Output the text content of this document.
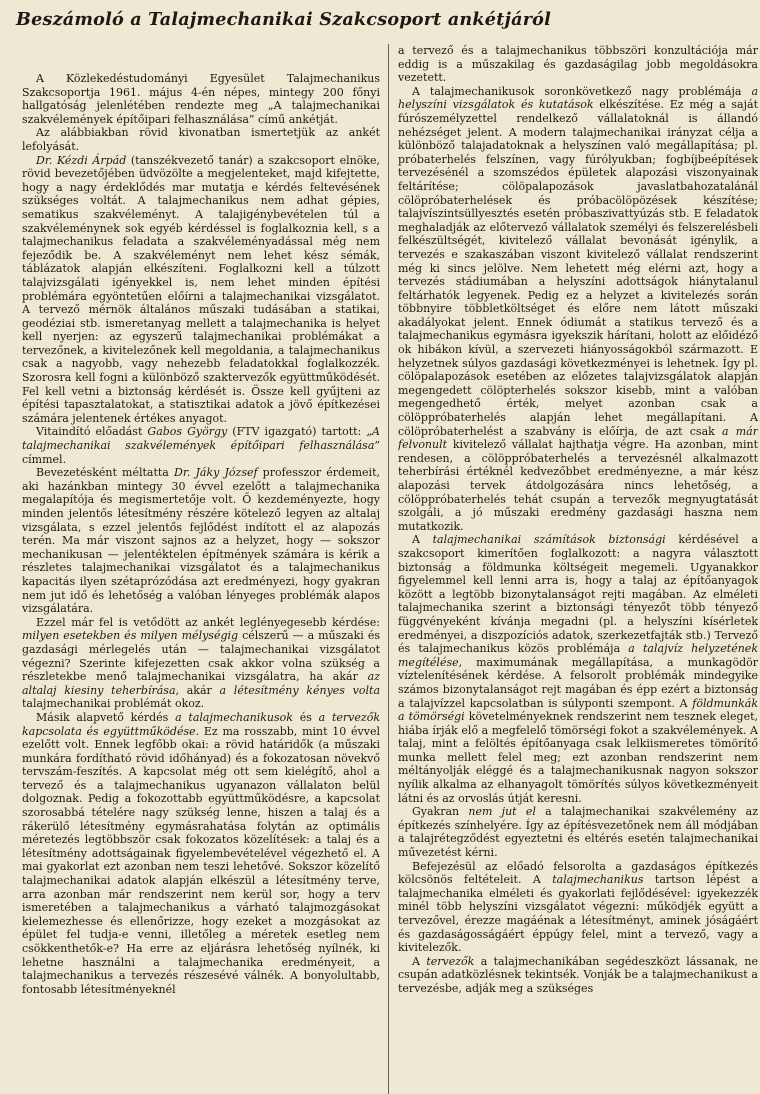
Beszámoló a Talajmechanikai Szakcsoport ankétjáról

A Közlekedéstudományi Egyesület Talajmechanikus Szakcsoportja 1961. május 4-én népes, mintegy 200 főnyi hallgatóság jelenlétében rendezte meg „A talajmechanikai szakvélemények építőipari felhasználása” című ankétját.

Az alábbiakban rövid kivonatban ismertetjük az ankét lefolyását.

Dr. Kézdi Árpád (tanszékvezető tanár) a szakcsoport elnöke, rövid bevezetőjében üdvözölte a megjelenteket, majd kifejtette, hogy a nagy érdeklődés mar mutatja e kérdés feltevésének szükséges voltát. A talajmechanikus nem adhat gépies, sematikus szakvéleményt. A talajigénybevételen túl a szakvéleménynek sok egyéb kérdéssel is foglalkoznia kell, s a talajmechanikus feladata a szakvéleményadással még nem fejeződik be. A szakvéleményt nem lehet kész sémák, táblázatok alapján elkészíteni. Foglalkozni kell a túlzott talajvizsgálati igényekkel is, nem lehet minden építési problémára egyöntetűen előírni a talajmechanikai vizsgálatot. A tervező mérnök általános műszaki tudásában a statikai, geodéziai stb. ismeretanyag mellett a talajmechanika is helyet kell nyerjen: az egyszerű talajmechanikai problémákat a tervezőnek, a kivitelezőnek kell megoldania, a talajmechanikus csak a nagyobb, vagy nehezebb feladatokkal foglalkozzék. Szorosra kell fogni a különböző szaktervezők együttműködését. Fel kell vetni a biztonság kérdését is. Össze kell gyűjteni az építési tapasztalatokat, a statisztikai adatok a jövő építkezései számára jelentenek értékes anyagot.

Vitaindító előadást Gabos György (FTV igazgató) tartott: „A talajmechanikai szakvélemények építőipari felhasználása” címmel.

Bevezetésként méltatta Dr. Jáky József professzor érdemeit, aki hazánkban mintegy 30 évvel ezelőtt a talajmechanika megalapítója és megismertetője volt. Ő kezdeményezte, hogy minden jelentős létesítmény részére kötelező legyen az altalaj vizsgálata, s ezzel jelentős fejlődést indított el az alapozás terén. Ma már viszont sajnos az a helyzet, hogy — sokszor mechanikusan — jelentéktelen építmények számára is kérik a részletes talajmechanikai vizsgálatot és a talajmechanikus kapacitás ilyen szétaprózódása azt eredményezi, hogy gyakran nem jut idő és lehetőség a valóban lényeges problémák alapos vizsgálatára.

Ezzel már fel is vetődött az ankét leglényegesebb kérdése: milyen esetekben és milyen mélységig célszerű — a műszaki és gazdasági mérlegelés után — talajmechanikai vizsgálatot végezni? Szerinte kifejezetten csak akkor volna szükség a részletekbe menő talajmechanikai vizsgálatra, ha akár az altalaj kiesiny teherbírása, akár a létesítmény kényes volta talajmechanikai problémát okoz.

Másik alapvető kérdés a talajmechanikusok és a tervezők kapcsolata és együttműködése. Ez ma rosszabb, mint 10 évvel ezelőtt volt. Ennek legfőbb okai: a rövid határidők (a műszaki munkára fordítható rövid időhányad) és a fokozatosan növekvő tervszám-feszítés. A kapcsolat még ott sem kielégítő, ahol a tervező és a talajmechanikus ugyanazon vállalaton belül dolgoznak. Pedig a fokozottabb együttműködésre, a kapcsolat szorosabbá tételére nagy szükség lenne, hiszen a talaj és a rákerülő létesítmény egymásrahatása folytán az optimális méretezés legtöbbször csak fokozatos közelítések: a talaj és a létesítmény adottságainak figyelembevételével végezhető el. A mai gyakorlat ezt azonban nem teszi lehetővé. Sokszor közelítő talajmechanikai adatok alapján elkészül a létesítmény terve, arra azonban már rendszerint nem kerül sor, hogy a terv ismeretében a talajmechanikus a várható talajmozgásokat kielemezhesse és ellenőrizze, hogy ezeket a mozgásokat az épület fel tudja-e venni, illetőleg a méretek esetleg nem csökkenthetők-e? Ha erre az eljárásra lehetőség nyílnék, ki lehetne használni a talajmechanika eredményeit, a talajmechanikus a tervezés részesévé válnék. A bonyolultabb, fontosabb létesítményeknél

a tervező és a talajmechanikus többszöri konzultációja már eddig is a műszakilag és gazdaságilag jobb megoldásokra vezetett.

A talajmechanikusok soronkövetkező nagy problémája a helyszíni vizsgálatok és kutatások elkészítése. Ez még a saját fúrószemélyzettel rendelkező vállalatoknál is állandó nehézséget jelent. A modern talajmechanikai irányzat célja a különböző talajadatoknak a helyszínen való megállapítása; pl. próbaterhelés felszínen, vagy fúrólyukban; fogbíjbeépítések tervezésénél a szomszédos épületek alapozási viszonyainak feltárítése; cölöpalapozások javaslatbahozatalánál cölöpróbaterhelések és próbacölöpözések készítése; talajvíszintsüllyesztés esetén próbaszivattyúzás stb. E feladatok meghaladják az előtervező vállalatok személyi és felszerelésbeli felkészültségét, kivitelező vállalat bevonását igénylik, a tervezés e szakaszában viszont kivitelező vállalat rendszerint még ki sincs jelölve. Nem lehetett még elérni azt, hogy a tervezés stádiumában a helyszíni adottságok hiánytalanul feltárhatók legyenek. Pedig ez a helyzet a kivitelezés során többnyire többletköltséget és előre nem látott műszaki akadályokat jelent. Ennek ódiumát a statikus tervező és a talajmechanikus egymásra igyekszik hárítani, holott az előidéző ok hibákon kívül, a szervezeti hiányosságokból származott. E helyzetnek súlyos gazdasági következményei is lehetnek. Így pl. cölöpalapozások esetében az előzetes talajvizsgálatok alapján megengedett cölöpterhelés sokszor kisebb, mint a valóban megengedhető érték, melyet azonban csak a cölöppróbaterhelés alapján lehet megállapítani. A cölöpróbaterhelést a szabvány is előírja, de azt csak a már felvonult kivitelező vállalat hajthatja végre. Ha azonban, mint rendesen, a cölöppróbaterhelés a tervezésnél alkalmazott teherbírási értéknél kedvezőbbet eredményezne, a már kész alapozási tervek átdolgozására nincs lehetőség, a cölöppróbaterhelés tehát csupán a tervezők megnyugtatását szolgáli, a jó műszaki eredmény gazdasági haszna nem mutatkozik.

A talajmechanikai számítások biztonsági kérdésével a szakcsoport kimerítően foglalkozott: a nagyra választott biztonság a földmunka költségeit megemeli. Ugyanakkor figyelemmel kell lenni arra is, hogy a talaj az építőanyagok között a legtöbb bizonytalanságot rejti magában. Az elméleti talajmechanika szerint a biztonsági tényezőt több tényező függvényeként kívánja megadni (pl. a helyszíni kísérletek eredményei, a diszpozíciós adatok, szerkezetfajták stb.) Tervező és talajmechanikus közös problémája a talajvíz helyzetének megítélése, maximumának megállapítása, a munkagödör víztelenítésének kérdése. A felsorolt problémák mindegyike számos bizonytalanságot rejt magában és épp ezért a biztonság a talajvízzel kapcsolatban is súlyponti szempont. A földmunkák a tömörségi követelményeknek rendszerint nem tesznek eleget, hiába írják elő a megfelelő tömörségi fokot a szakvélemények. A talaj, mint a felöltés építőanyaga csak lelkiismeretes tömörítő munka mellett felel meg; ezt azonban rendszerint nem méltányolják eléggé és a talajmechanikusnak nagyon sokszor nyílik alkalma az elhanyagolt tömörítés súlyos következményeit látni és az orvoslás útját keresni.

Gyakran nem jut el a talajmechanikai szakvélemény az építkezés színhelyére. Így az építésvezetőnek nem áll módjában a talajrétegződést egyeztetni és eltérés esetén talajmechanikai művezetést kérni.

Befejezésül az előadó felsorolta a gazdaságos építkezés kölcsönös feltételeit. A talajmechanikus tartson lépést a talajmechanika elméleti és gyakorlati fejlődésével: igyekezzék minél több helyszíni vizsgálatot végezni: működjék együtt a tervezővel, érezze magáénak a létesítményt, aminek jóságáért és gazdaságosságáért éppúgy felel, mint a tervező, vagy a kivitelezők.

A tervezők a talajmechanikában segédeszközt lássanak, ne csupán adatközlésnek tekintsék. Vonják be a talajmechanikust a tervezésbe, adják meg a szükséges
